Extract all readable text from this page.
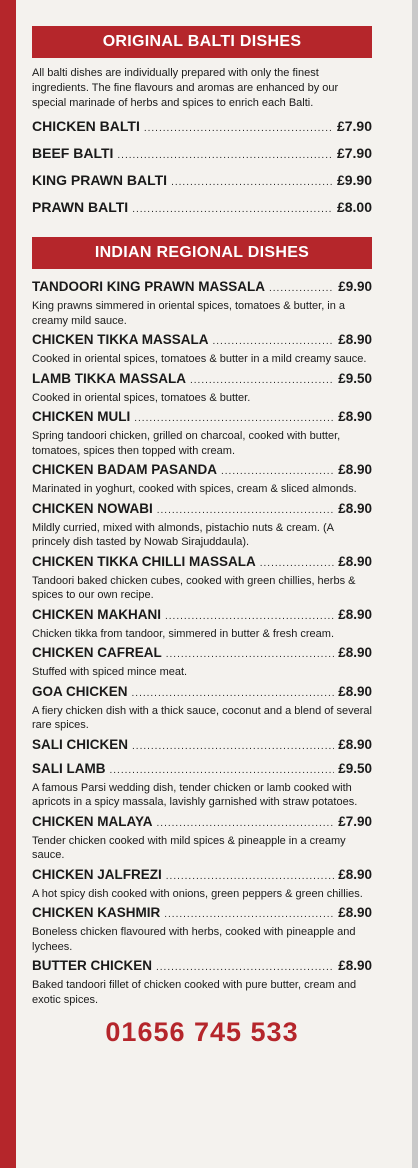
ORIGINAL BALTI DISHES
All balti dishes are individually prepared with only the finest ingredients. The fine flavours and aromas are enhanced by our special marinade of herbs and spices to enrich each Balti.
CHICKEN BALTI .....	£7.90
BEEF BALTI .....	£7.90
KING PRAWN BALTI .....	£9.90
PRAWN BALTI .....	£8.00
INDIAN REGIONAL DISHES
TANDOORI KING PRAWN MASSALA .....	£9.90
King prawns simmered in oriental spices, tomatoes & butter, in a creamy mild sauce.
CHICKEN TIKKA MASSALA .....	£8.90
Cooked in oriental spices, tomatoes & butter in a mild creamy sauce.
LAMB TIKKA MASSALA .....	£9.50
Cooked in oriental spices, tomatoes & butter.
CHICKEN MULI .....	£8.90
Spring tandoori chicken, grilled on charcoal, cooked with butter, tomatoes, spices then topped with cream.
CHICKEN BADAM PASANDA .....	£8.90
Marinated in yoghurt, cooked with spices, cream & sliced almonds.
CHICKEN NOWABI .....	£8.90
Mildly curried, mixed with almonds, pistachio nuts & cream. (A princely dish tasted by Nowab Sirajuddaula).
CHICKEN TIKKA CHILLI MASSALA .....	£8.90
Tandoori baked chicken cubes, cooked with green chillies, herbs & spices to our own recipe.
CHICKEN MAKHANI .....	£8.90
Chicken tikka from tandoor, simmered in butter & fresh cream.
CHICKEN CAFREAL .....	£8.90
Stuffed with spiced mince meat.
GOA CHICKEN .....	£8.90
A fiery chicken dish with a thick sauce, coconut and a blend of several rare spices.
SALI CHICKEN .....	£8.90
SALI LAMB .....	£9.50
A famous Parsi wedding dish, tender chicken or lamb cooked with apricots in a spicy massala, lavishly garnished with straw potatoes.
CHICKEN MALAYA .....	£7.90
Tender chicken cooked with mild spices & pineapple in a creamy sauce.
CHICKEN JALFREZI .....	£8.90
A hot spicy dish cooked with onions, green peppers & green chillies.
CHICKEN KASHMIR .....	£8.90
Boneless chicken flavoured with herbs, cooked with pineapple and lychees.
BUTTER CHICKEN .....	£8.90
Baked tandoori fillet of chicken cooked with pure butter, cream and exotic spices.
01656 745 533
